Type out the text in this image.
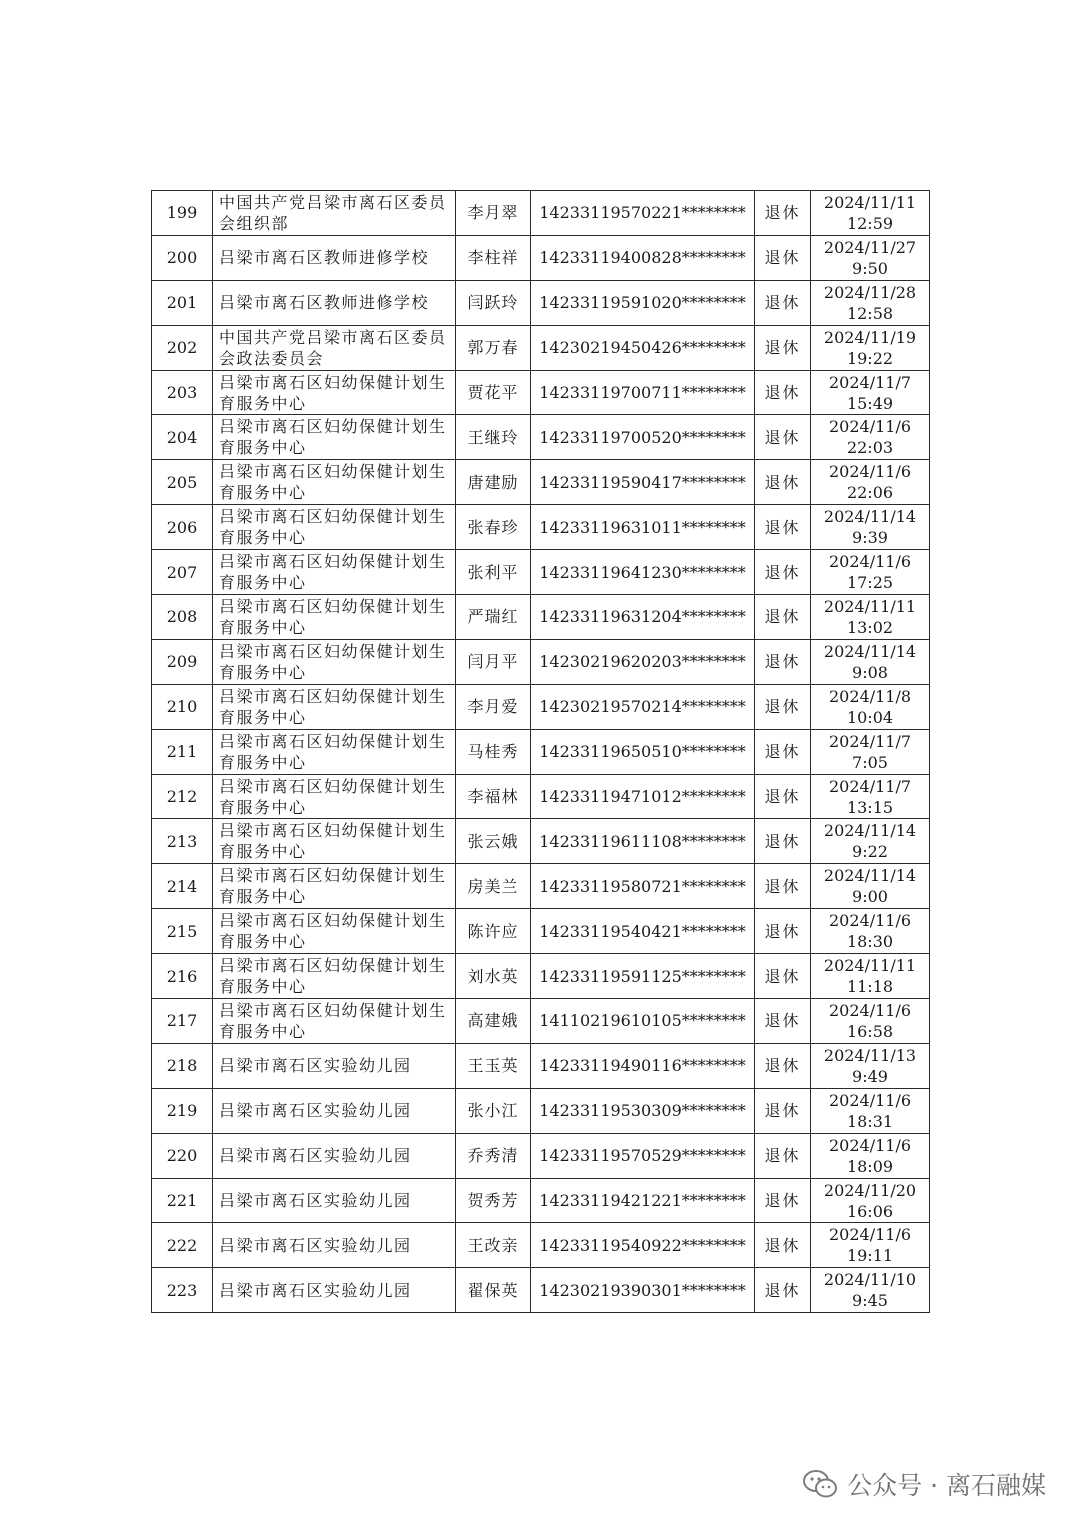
199	中国共产党吕梁市离石区委员会组织部	李月翠	14233119570221********	退休	2024/11/11
12:59

200	吕梁市离石区教师进修学校	李柱祥	14233119400828********	退休	2024/11/27
9:50

201	吕梁市离石区教师进修学校	闫跃玲	14233119591020********	退休	2024/11/28
12:58

202	中国共产党吕梁市离石区委员会政法委员会	郭万春	14230219450426********	退休	2024/11/19
19:22

203	吕梁市离石区妇幼保健计划生育服务中心	贾花平	14233119700711********	退休	2024/11/7
15:49

204	吕梁市离石区妇幼保健计划生育服务中心	王继玲	14233119700520********	退休	2024/11/6
22:03

205	吕梁市离石区妇幼保健计划生育服务中心	唐建励	14233119590417********	退休	2024/11/6
22:06

206	吕梁市离石区妇幼保健计划生育服务中心	张春珍	14233119631011********	退休	2024/11/14
9:39

207	吕梁市离石区妇幼保健计划生育服务中心	张利平	14233119641230********	退休	2024/11/6
17:25

208	吕梁市离石区妇幼保健计划生育服务中心	严瑞红	14233119631204********	退休	2024/11/11
13:02

209	吕梁市离石区妇幼保健计划生育服务中心	闫月平	14230219620203********	退休	2024/11/14
9:08

210	吕梁市离石区妇幼保健计划生育服务中心	李月爱	14230219570214********	退休	2024/11/8
10:04

211	吕梁市离石区妇幼保健计划生育服务中心	马桂秀	14233119650510********	退休	2024/11/7
7:05

212	吕梁市离石区妇幼保健计划生育服务中心	李福林	14233119471012********	退休	2024/11/7
13:15

213	吕梁市离石区妇幼保健计划生育服务中心	张云娥	14233119611108********	退休	2024/11/14
9:22

214	吕梁市离石区妇幼保健计划生育服务中心	房美兰	14233119580721********	退休	2024/11/14
9:00

215	吕梁市离石区妇幼保健计划生育服务中心	陈许应	14233119540421********	退休	2024/11/6
18:30

216	吕梁市离石区妇幼保健计划生育服务中心	刘水英	14233119591125********	退休	2024/11/11
11:18

217	吕梁市离石区妇幼保健计划生育服务中心	高建娥	14110219610105********	退休	2024/11/6
16:58

218	吕梁市离石区实验幼儿园	王玉英	14233119490116********	退休	2024/11/13
9:49

219	吕梁市离石区实验幼儿园	张小江	14233119530309********	退休	2024/11/6
18:31

220	吕梁市离石区实验幼儿园	乔秀清	14233119570529********	退休	2024/11/6
18:09

221	吕梁市离石区实验幼儿园	贺秀芳	14233119421221********	退休	2024/11/20
16:06

222	吕梁市离石区实验幼儿园	王改亲	14233119540922********	退休	2024/11/6
19:11

223	吕梁市离石区实验幼儿园	翟保英	14230219390301********	退休	2024/11/10
9:45
公众号 · 离石融媒
